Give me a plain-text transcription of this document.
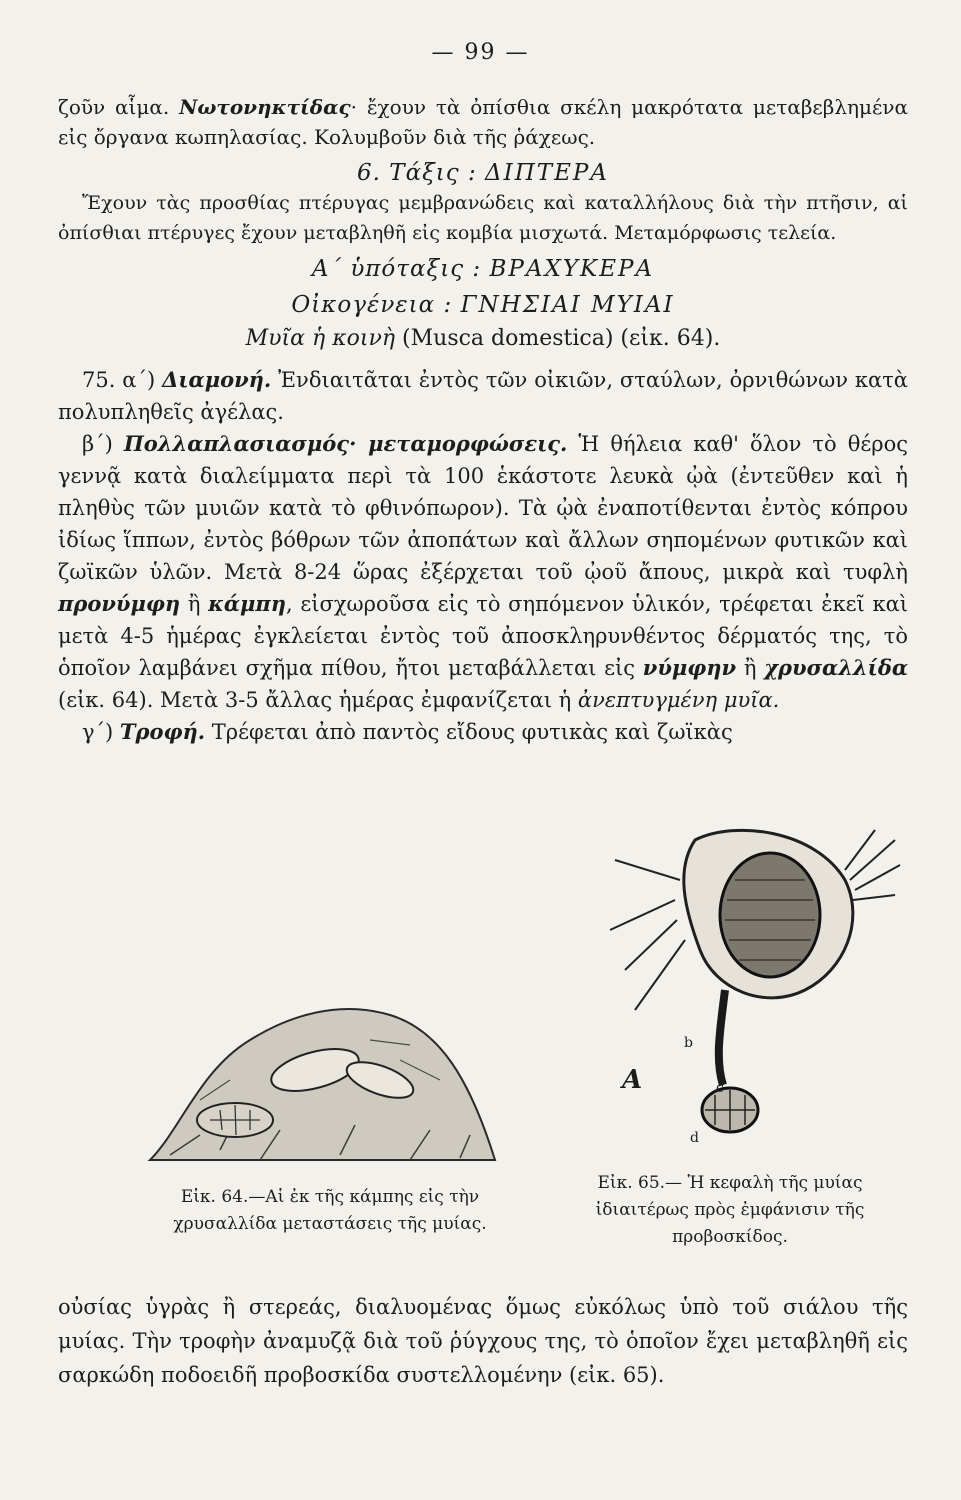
— 99 —

ζοῦν αἷμα. Νωτονηκτίδας· ἔχουν τὰ ὀπίσθια σκέλη μακρότατα μεταβεβλημένα εἰς ὄργανα κωπηλασίας. Κολυμβοῦν διὰ τῆς ῥάχεως.

6. Τάξις : ΔΙΠΤΕΡΑ

Ἔχουν τὰς προσθίας πτέρυγας μεμβρανώδεις καὶ καταλλήλους διὰ τὴν πτῆσιν, αἱ ὀπίσθιαι πτέρυγες ἔχουν μεταβληθῆ εἰς κομβία μισχωτά. Μεταμόρφωσις τελεία.

Α΄ ὑπόταξις : ΒΡΑΧΥΚΕΡΑ

Οἰκογένεια : ΓΝΗΣΙΑΙ ΜΥΙΑΙ

Μυῖα ἡ κοινὴ (Musca domestica) (εἰκ. 64).

75. α΄) Διαμονή. Ἐνδιαιτᾶται ἐντὸς τῶν οἰκιῶν, σταύλων, ὀρνιθώνων κατὰ πολυπληθεῖς ἀγέλας.

β΄) Πολλαπλασιασμός· μεταμορφώσεις. Ἡ θήλεια καθ' ὅλον τὸ θέρος γεννᾷ κατὰ διαλείμματα περὶ τὰ 100 ἑκάστοτε λευκὰ ᾠὰ (ἐντεῦθεν καὶ ἡ πληθὺς τῶν μυιῶν κατὰ τὸ φθινόπωρον). Τὰ ᾠὰ ἐναποτίθενται ἐντὸς κόπρου ἰδίως ἵππων, ἐντὸς βόθρων τῶν ἀποπάτων καὶ ἄλλων σηπομένων φυτικῶν καὶ ζωϊκῶν ὑλῶν. Μετὰ 8-24 ὥρας ἐξέρχεται τοῦ ᾠοῦ ἄπους, μικρὰ καὶ τυφλὴ προνύμφη ἢ κάμπη, εἰσχωροῦσα εἰς τὸ σηπόμενον ὑλικόν, τρέφεται ἐκεῖ καὶ μετὰ 4-5 ἡμέρας ἐγκλείεται ἐντὸς τοῦ ἀποσκληρυνθέντος δέρματός της, τὸ ὁποῖον λαμβάνει σχῆμα πίθου, ἤτοι μεταβάλλεται εἰς νύμφην ἢ χρυσαλλίδα (εἰκ. 64). Μετὰ 3-5 ἄλλας ἡμέρας ἐμφανίζεται ἡ ἀνεπτυγμένη μυῖα.

γ΄) Τροφή. Τρέφεται ἀπὸ παντὸς εἴδους φυτικὰς καὶ ζωϊκὰς

Εἰκ. 64.—Αἱ ἐκ τῆς κάμπης εἰς τὴν χρυσαλλίδα μεταστάσεις τῆς μυίας.
A
b
c
d
Εἰκ. 65.— Ἡ κεφαλὴ τῆς μυίας ἰδιαιτέρως πρὸς ἐμφάνισιν τῆς προβοσκίδος.

οὐσίας ὑγρὰς ἢ στερεάς, διαλυομένας ὅμως εὐκόλως ὑπὸ τοῦ σιάλου τῆς μυίας. Τὴν τροφὴν ἀναμυζᾷ διὰ τοῦ ῥύγχους της, τὸ ὁποῖον ἔχει μεταβληθῆ εἰς σαρκώδη ποδοειδῆ προβοσκίδα συστελλομένην (εἰκ. 65).
